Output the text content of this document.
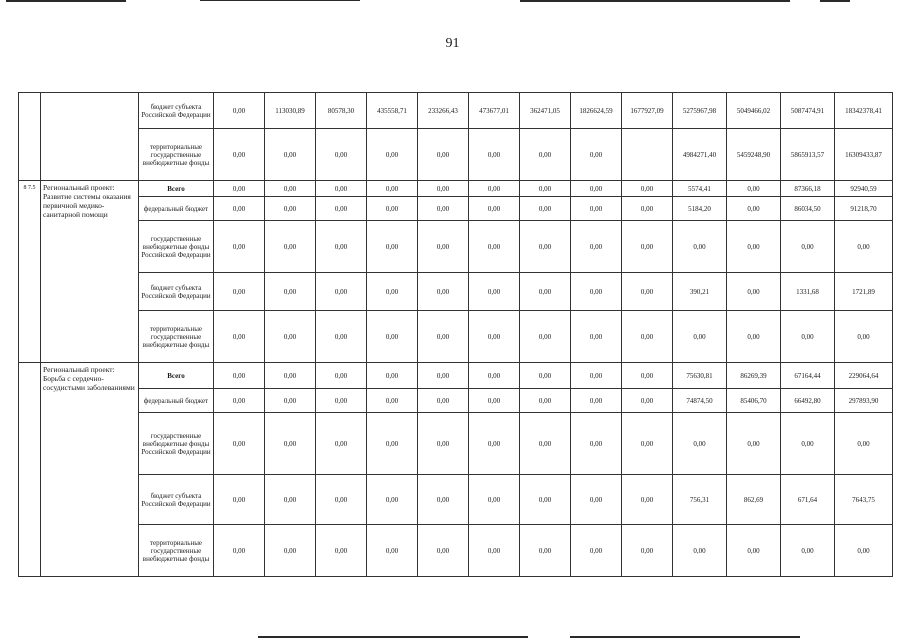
91
		бюджет субъекта Российской Федерации	0,00	113030,89	80578,30	435558,71	233266,43	473677,01	362471,05	1826624,59	1677927,09	5275967,98	5049466,02	5087474,91	18342378,41
		территориальные государственные внебюджетные фонды	0,00	0,00	0,00	0,00	0,00	0,00	0,00	0,00		4984271,40	5459248,90	5865913,57	16309433,87
8 7.5	Региональный проект: Развитие системы оказания первичной медико-санитарной помощи	Всего	0,00	0,00	0,00	0,00	0,00	0,00	0,00	0,00	0,00	5574,41	0,00	87366,18	92940,59
		федеральный бюджет	0,00	0,00	0,00	0,00	0,00	0,00	0,00	0,00	0,00	5184,20	0,00	86034,50	91218,70
		государственные внебюджетные фонды Российской Федерации	0,00	0,00	0,00	0,00	0,00	0,00	0,00	0,00	0,00	0,00	0,00	0,00	0,00
		бюджет субъекта Российской Федерации	0,00	0,00	0,00	0,00	0,00	0,00	0,00	0,00	0,00	390,21	0,00	1331,68	1721,89
		территориальные государственные внебюджетные фонды	0,00	0,00	0,00	0,00	0,00	0,00	0,00	0,00	0,00	0,00	0,00	0,00	0,00
	Региональный проект: Борьба с сердечно-сосудистыми заболеваниями	Всего	0,00	0,00	0,00	0,00	0,00	0,00	0,00	0,00	0,00	75630,81	86269,39	67164,44	229064,64
		федеральный бюджет	0,00	0,00	0,00	0,00	0,00	0,00	0,00	0,00	0,00	74874,50	85406,70	66492,80	297893,90
		государственные внебюджетные фонды Российской Федерации	0,00	0,00	0,00	0,00	0,00	0,00	0,00	0,00	0,00	0,00	0,00	0,00	0,00
		бюджет субъекта Российской Федерации	0,00	0,00	0,00	0,00	0,00	0,00	0,00	0,00	0,00	756,31	862,69	671,64	7643,75
		территориальные государственные внебюджетные фонды	0,00	0,00	0,00	0,00	0,00	0,00	0,00	0,00	0,00	0,00	0,00	0,00	0,00
